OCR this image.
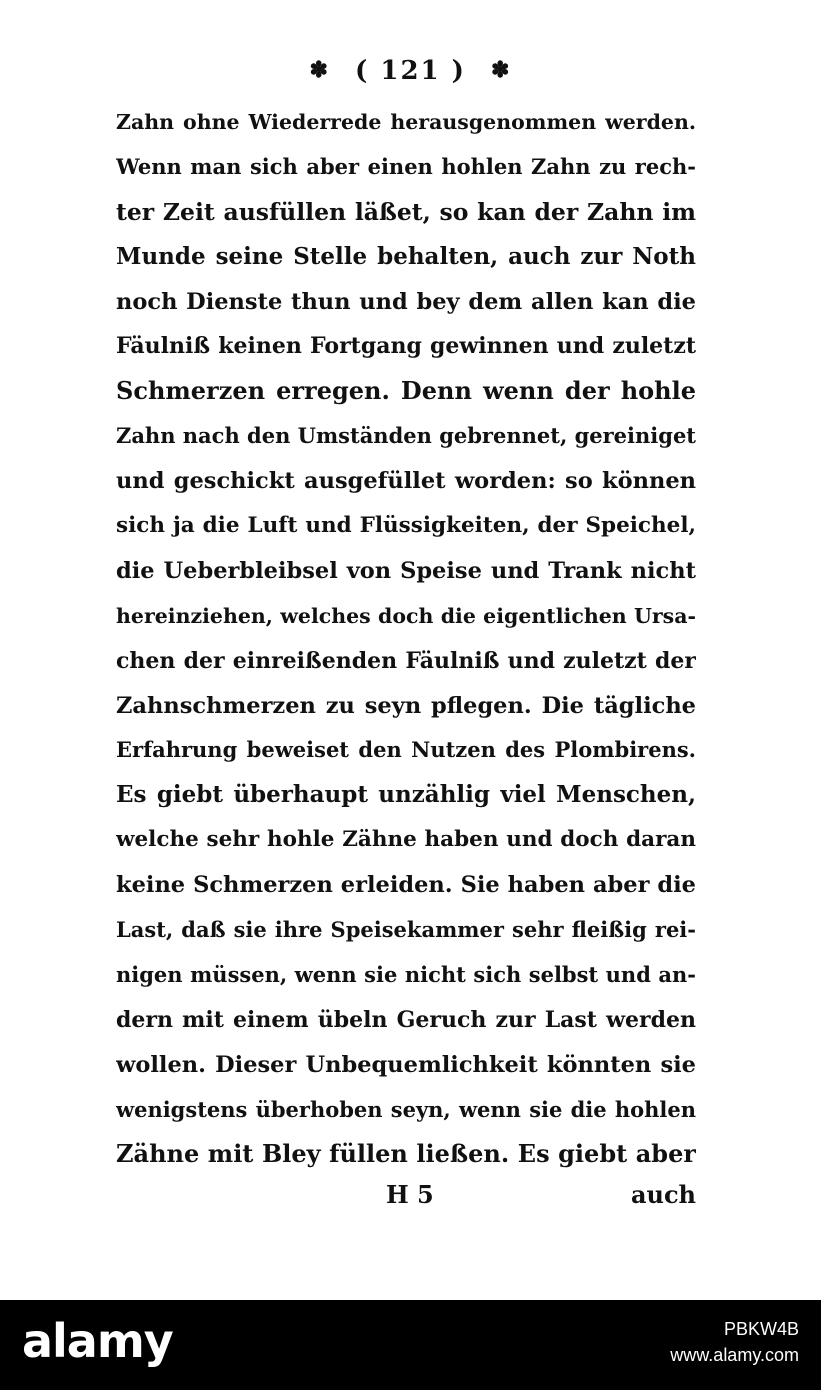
✽ ( 121 ) ✽
Zahn ohne Wiederrede herausgenommen werden.
Wenn man sich aber einen hohlen Zahn zu rech-
ter Zeit ausfüllen läßet, so kan der Zahn im
Munde seine Stelle behalten, auch zur Noth
noch Dienste thun und bey dem allen kan die
Fäulniß keinen Fortgang gewinnen und zuletzt
Schmerzen erregen. Denn wenn der hohle
Zahn nach den Umständen gebrennet, gereiniget
und geschickt ausgefüllet worden: so können
sich ja die Luft und Flüssigkeiten, der Speichel,
die Ueberbleibsel von Speise und Trank nicht
hereinziehen, welches doch die eigentlichen Ursa-
chen der einreißenden Fäulniß und zuletzt der
Zahnschmerzen zu seyn pflegen. Die tägliche
Erfahrung beweiset den Nutzen des Plombirens.
Es giebt überhaupt unzählig viel Menschen,
welche sehr hohle Zähne haben und doch daran
keine Schmerzen erleiden. Sie haben aber die
Last, daß sie ihre Speisekammer sehr fleißig rei-
nigen müssen, wenn sie nicht sich selbst und an-
dern mit einem übeln Geruch zur Last werden
wollen. Dieser Unbequemlichkeit könnten sie
wenigstens überhoben seyn, wenn sie die hohlen
Zähne mit Bley füllen ließen. Es giebt aber
H 5	auch
alamy	PBKW4B
www.alamy.com
